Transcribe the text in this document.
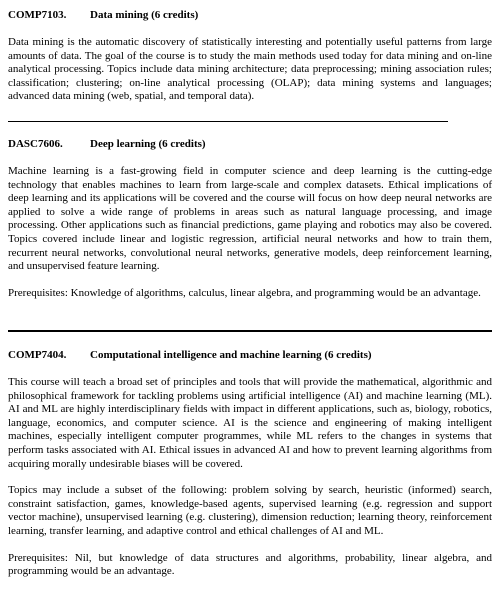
COMP7103. Data mining (6 credits)

Data mining is the automatic discovery of statistically interesting and potentially useful patterns from large amounts of data. The goal of the course is to study the main methods used today for data mining and on-line analytical processing. Topics include data mining architecture; data preprocessing; mining association rules; classification; clustering; on-line analytical processing (OLAP); data mining systems and languages; advanced data mining (web, spatial, and temporal data).

DASC7606. Deep learning (6 credits)

Machine learning is a fast-growing field in computer science and deep learning is the cutting-edge technology that enables machines to learn from large-scale and complex datasets. Ethical implications of deep learning and its applications will be covered and the course will focus on how deep neural networks are applied to solve a wide range of problems in areas such as natural language processing, and image processing. Other applications such as financial predictions, game playing and robotics may also be covered. Topics covered include linear and logistic regression, artificial neural networks and how to train them, recurrent neural networks, convolutional neural networks, generative models, deep reinforcement learning, and unsupervised feature learning.

Prerequisites: Knowledge of algorithms, calculus, linear algebra, and programming would be an advantage.

COMP7404. Computational intelligence and machine learning (6 credits)

This course will teach a broad set of principles and tools that will provide the mathematical, algorithmic and philosophical framework for tackling problems using artificial intelligence (AI) and machine learning (ML). AI and ML are highly interdisciplinary fields with impact in different applications, such as, biology, robotics, language, economics, and computer science. AI is the science and engineering of making intelligent machines, especially intelligent computer programmes, while ML refers to the changes in systems that perform tasks associated with AI. Ethical issues in advanced AI and how to prevent learning algorithms from acquiring morally undesirable biases will be covered.

Topics may include a subset of the following: problem solving by search, heuristic (informed) search, constraint satisfaction, games, knowledge-based agents, supervised learning (e.g. regression and support vector machine), unsupervised learning (e.g. clustering), dimension reduction; learning theory, reinforcement learning, transfer learning, and adaptive control and ethical challenges of AI and ML.

Prerequisites: Nil, but knowledge of data structures and algorithms, probability, linear algebra, and programming would be an advantage.
